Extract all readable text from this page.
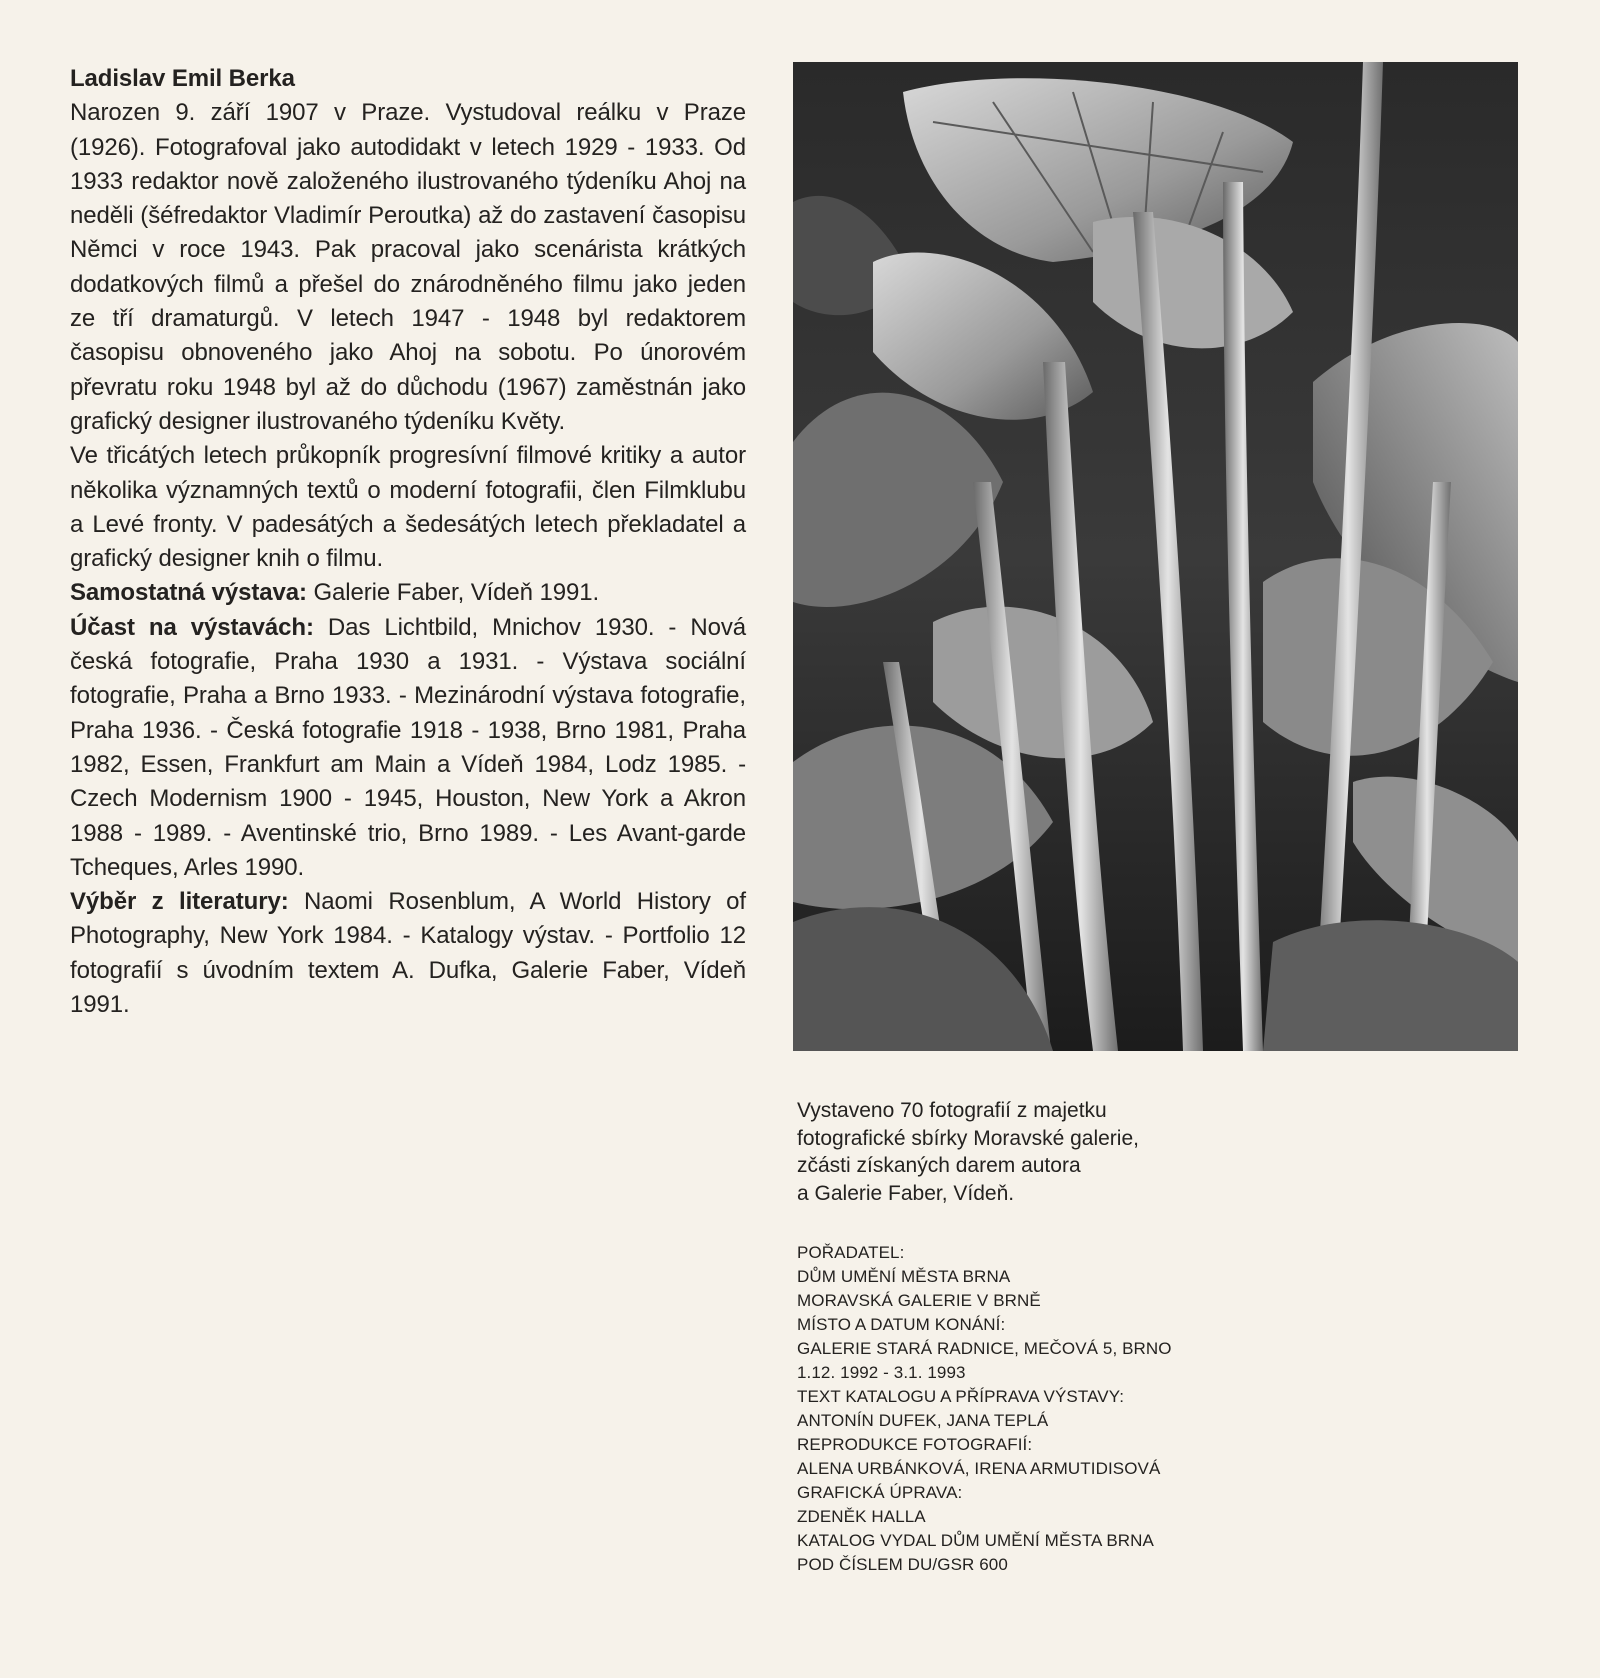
Ladislav Emil Berka

Narozen 9. září 1907 v Praze. Vystudoval reálku v Praze (1926). Fotografoval jako autodidakt v letech 1929 - 1933. Od 1933 redaktor nově založeného ilustrovaného týdeníku Ahoj na neděli (šéfredaktor Vladimír Peroutka) až do zastavení časopisu Němci v roce 1943. Pak pracoval jako scenárista krátkých dodatkových filmů a přešel do znárodněného filmu jako jeden ze tří dramaturgů. V letech 1947 - 1948 byl redaktorem časopisu obnoveného jako Ahoj na sobotu. Po únorovém převratu roku 1948 byl až do důchodu (1967) zaměstnán jako grafický designer ilustrovaného týdeníku Květy.

Ve třicátých letech průkopník progresívní filmové kritiky a autor několika významných textů o moderní fotografii, člen Filmklubu a Levé fronty. V padesátých a šedesátých letech překladatel a grafický designer knih o filmu.

Samostatná výstava: Galerie Faber, Vídeň 1991.

Účast na výstavách: Das Lichtbild, Mnichov 1930. - Nová česká fotografie, Praha 1930 a 1931. - Výstava sociální fotografie, Praha a Brno 1933. - Mezinárodní výstava fotografie, Praha 1936. - Česká fotografie 1918 - 1938, Brno 1981, Praha 1982, Essen, Frankfurt am Main a Vídeň 1984, Lodz 1985. - Czech Modernism 1900 - 1945, Houston, New York a Akron 1988 - 1989. - Aventinské trio, Brno 1989. - Les Avant-garde Tcheques, Arles 1990.

Výběr z literatury: Naomi Rosenblum, A World History of Photography, New York 1984. - Katalogy výstav. - Portfolio 12 fotografií s úvodním textem A. Dufka, Galerie Faber, Vídeň 1991.

Vystaveno 70 fotografií z majetku

fotografické sbírky Moravské galerie,

zčásti získaných darem autora

a Galerie Faber, Vídeň.

POŘADATEL:
DŮM UMĚNÍ MĚSTA BRNA
MORAVSKÁ GALERIE V BRNĚ
MÍSTO A DATUM KONÁNÍ:
GALERIE STARÁ RADNICE, MEČOVÁ 5, BRNO
1.12. 1992 - 3.1. 1993
TEXT KATALOGU A PŘÍPRAVA VÝSTAVY:
ANTONÍN DUFEK, JANA TEPLÁ
REPRODUKCE FOTOGRAFIÍ:
ALENA URBÁNKOVÁ, IRENA ARMUTIDISOVÁ
GRAFICKÁ ÚPRAVA:
ZDENĚK HALLA
KATALOG VYDAL DŮM UMĚNÍ MĚSTA BRNA
POD ČÍSLEM DU/GSR 600
